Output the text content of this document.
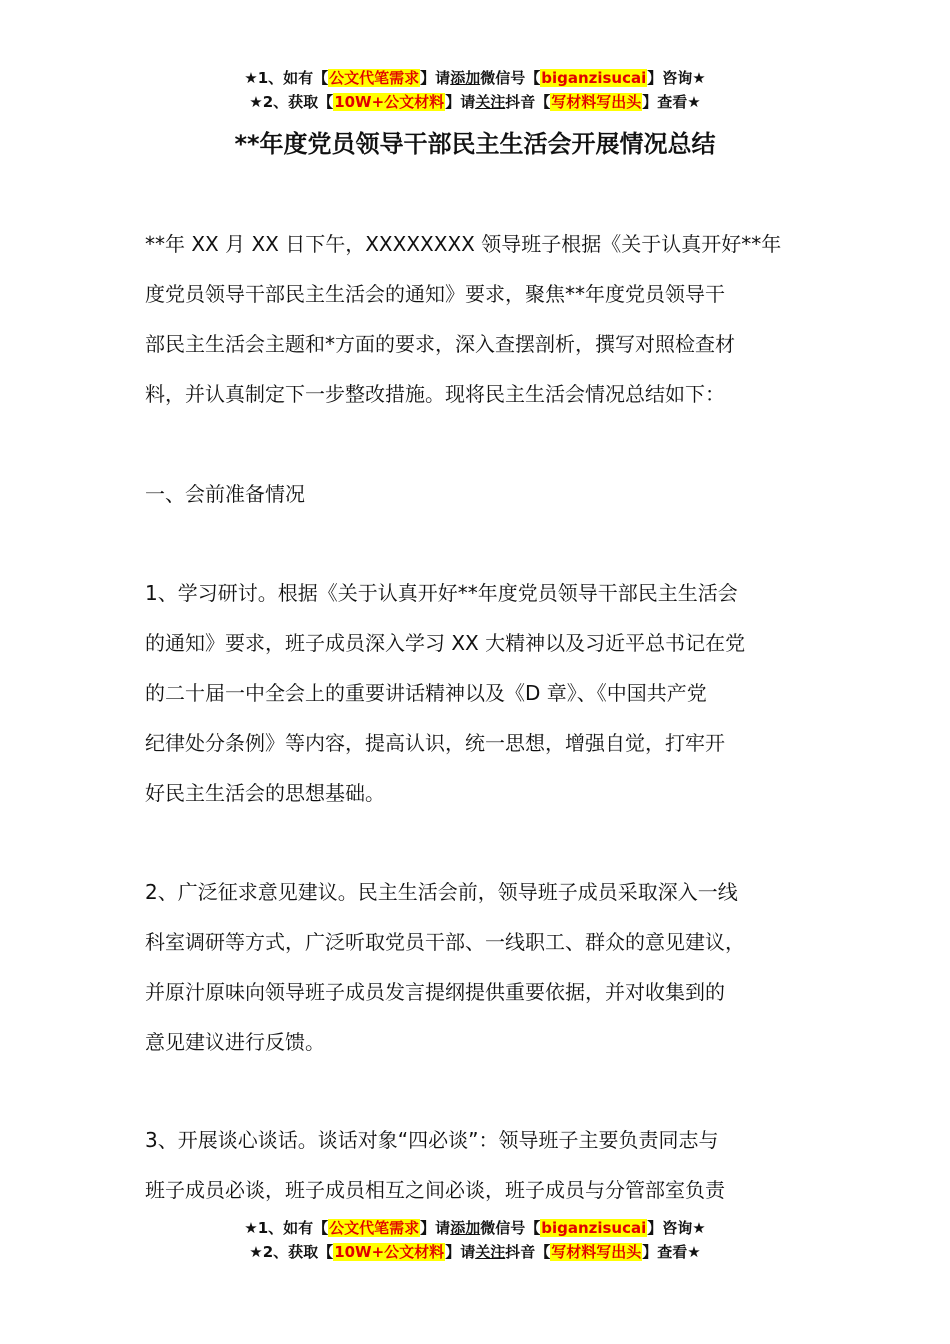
★1、如有【公文代笔需求】请添加微信号【biganzisucai】咨询★
★2、获取【10W+公文材料】请关注抖音【写材料写出头】查看★
**年度党员领导干部民主生活会开展情况总结
**年 XX 月 XX 日下午，XXXXXXXX 领导班子根据《关于认真开好**年
度党员领导干部民主生活会的通知》要求，聚焦**年度党员领导干
部民主生活会主题和*方面的要求，深入查摆剖析，撰写对照检查材
料，并认真制定下一步整改措施。现将民主生活会情况总结如下：
一、会前准备情况
1、学习研讨。根据《关于认真开好**年度党员领导干部民主生活会
的通知》要求，班子成员深入学习 XX 大精神以及习近平总书记在党
的二十届一中全会上的重要讲话精神以及《D 章》、《中国共产党
纪律处分条例》等内容，提高认识，统一思想，增强自觉，打牢开
好民主生活会的思想基础。
2、广泛征求意见建议。民主生活会前，领导班子成员采取深入一线
科室调研等方式，广泛听取党员干部、一线职工、群众的意见建议，
并原汁原味向领导班子成员发言提纲提供重要依据，并对收集到的
意见建议进行反馈。
3、开展谈心谈话。谈话对象“四必谈”：领导班子主要负责同志与
班子成员必谈，班子成员相互之间必谈，班子成员与分管部室负责
★1、如有【公文代笔需求】请添加微信号【biganzisucai】咨询★
★2、获取【10W+公文材料】请关注抖音【写材料写出头】查看★
